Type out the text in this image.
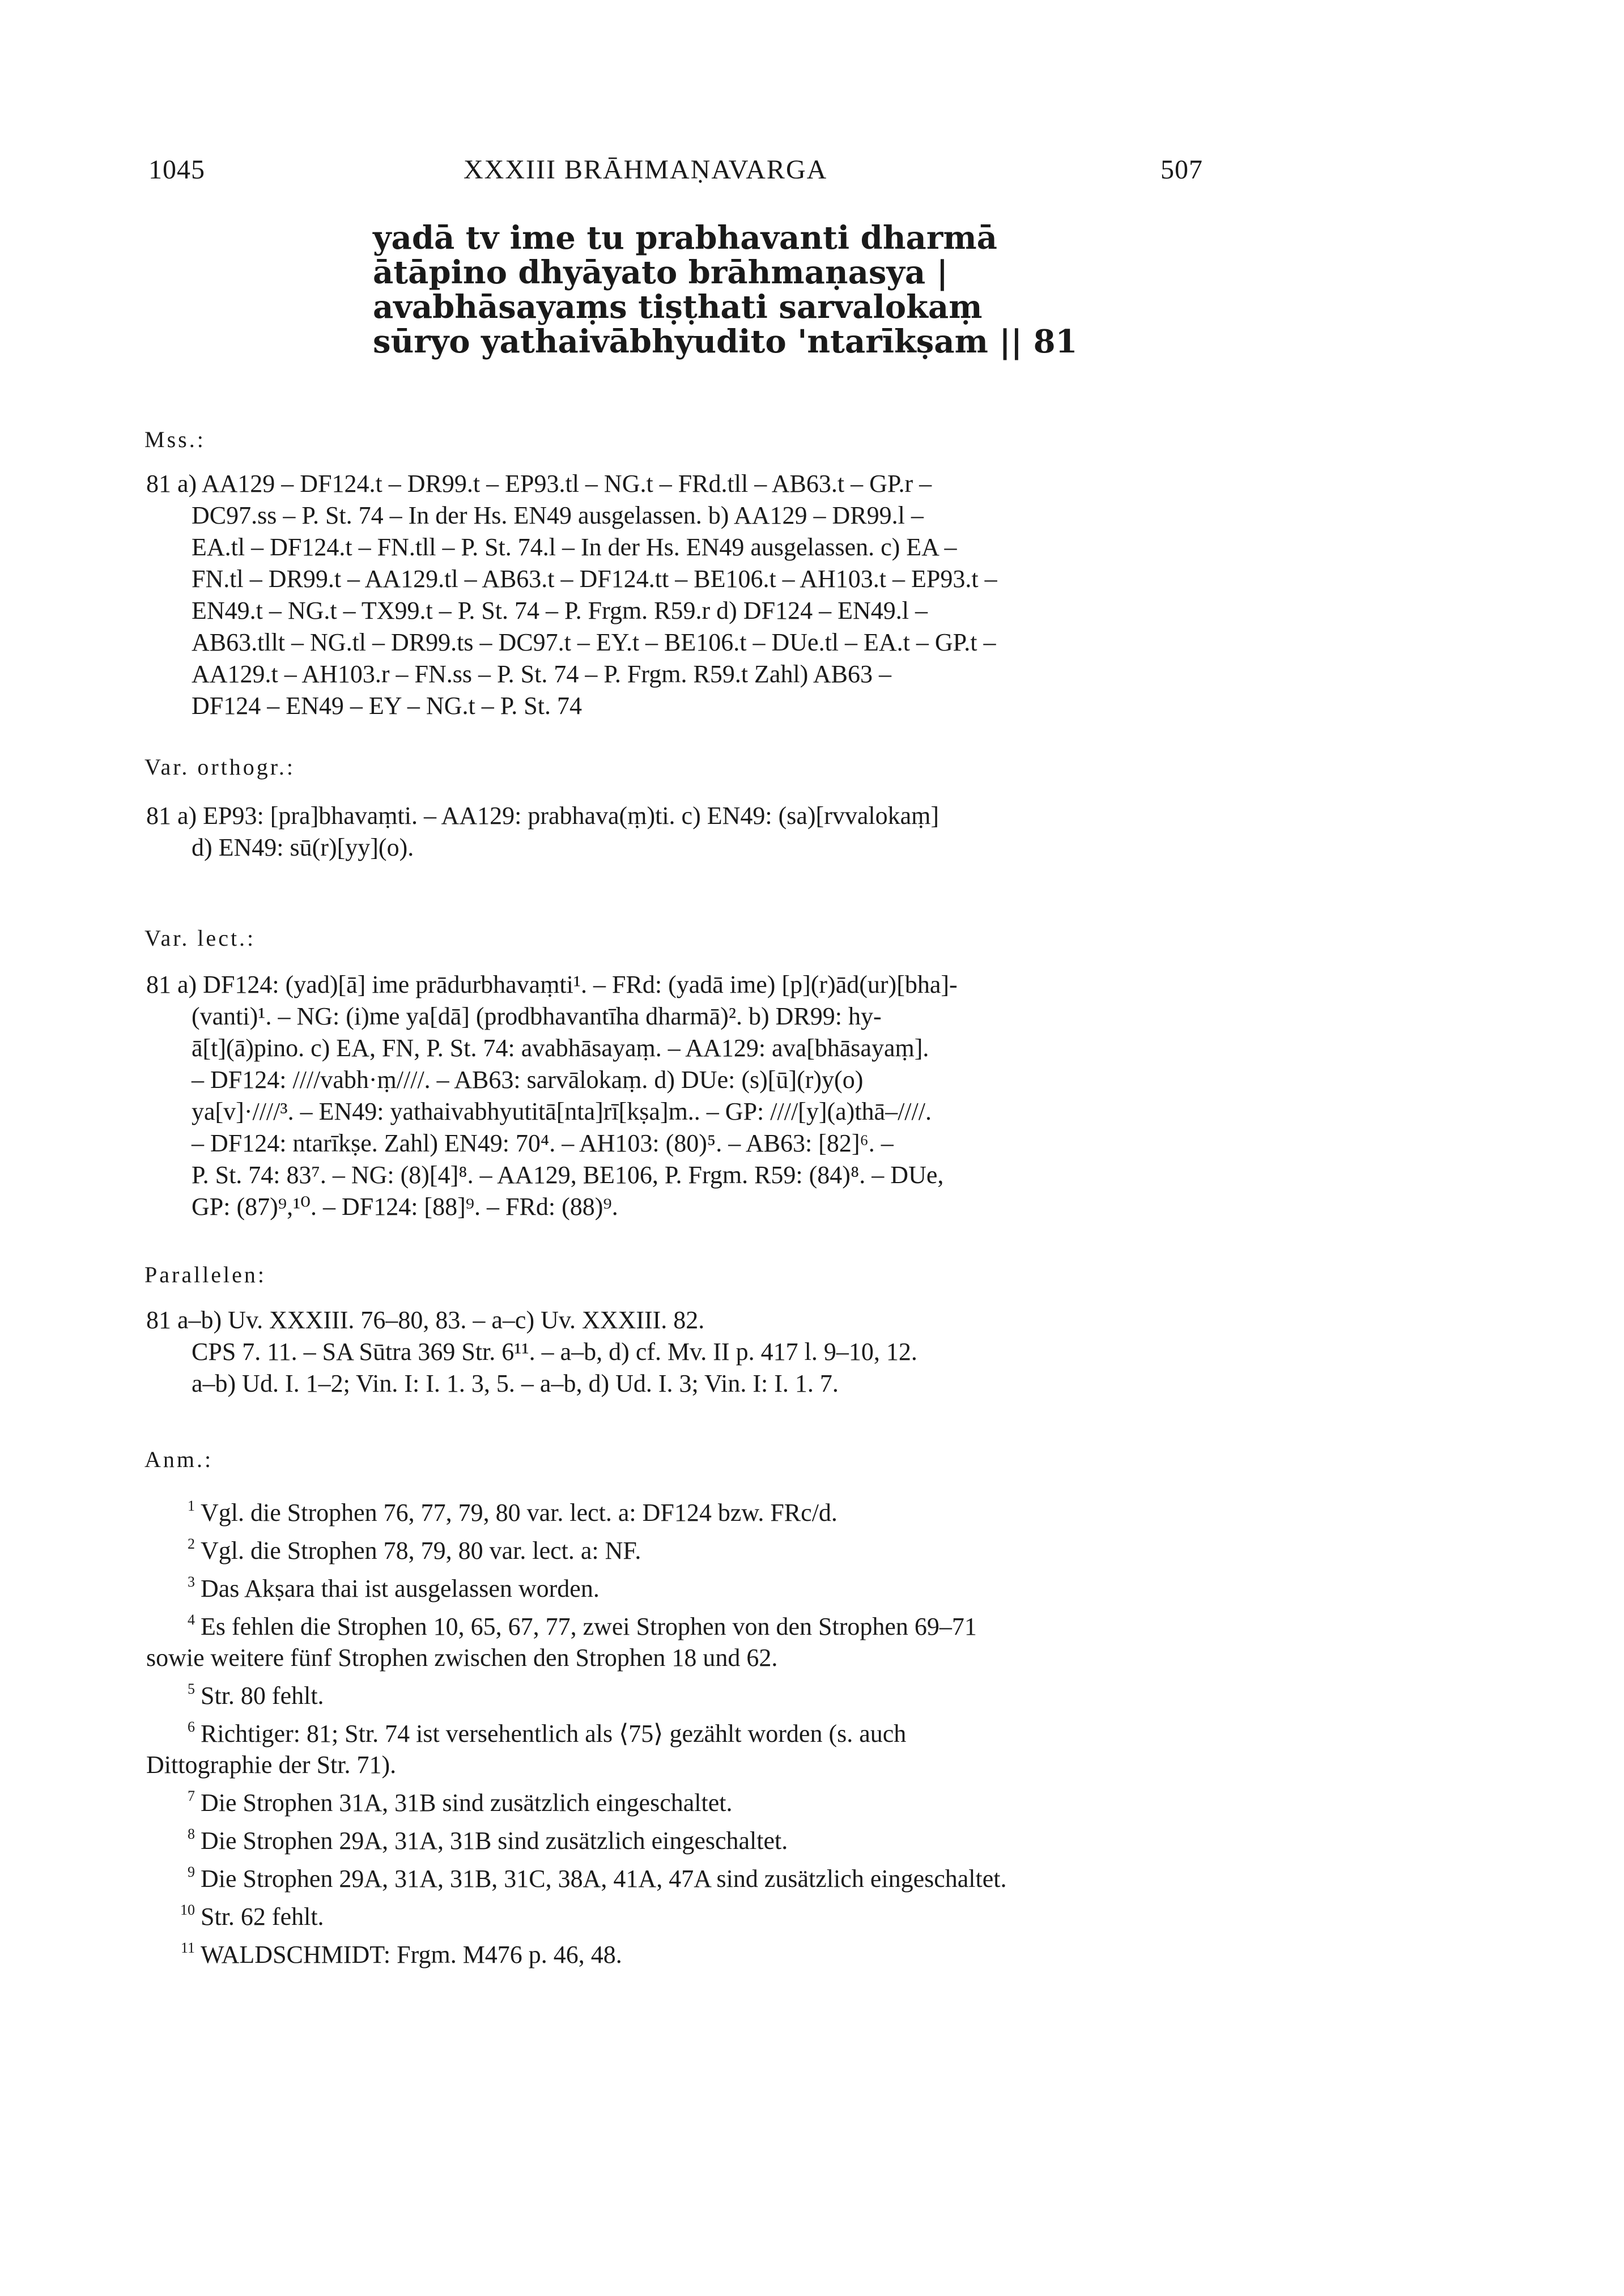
1045	XXXIII BRĀHMAṆAVARGA	507
yadā tv ime tu prabhavanti dharmā
ātāpino dhyāyato brāhmaṇasya |
avabhāsayaṃs tiṣṭhati sarvalokaṃ
sūryo yathaivābhyudito 'ntarīkṣam || 81
Mss.:
81 a) AA129 – DF124.t – DR99.t – EP93.tl – NG.t – FRd.tll – AB63.t – GP.r –
DC97.ss – P. St. 74 – In der Hs. EN49 ausgelassen. b) AA129 – DR99.l –
EA.tl – DF124.t – FN.tll – P. St. 74.l – In der Hs. EN49 ausgelassen. c) EA –
FN.tl – DR99.t – AA129.tl – AB63.t – DF124.tt – BE106.t – AH103.t – EP93.t –
EN49.t – NG.t – TX99.t – P. St. 74 – P. Frgm. R59.r d) DF124 – EN49.l –
AB63.tllt – NG.tl – DR99.ts – DC97.t – EY.t – BE106.t – DUe.tl – EA.t – GP.t –
AA129.t – AH103.r – FN.ss – P. St. 74 – P. Frgm. R59.t Zahl) AB63 –
DF124 – EN49 – EY – NG.t – P. St. 74
Var. orthogr.:
81 a) EP93: [pra]bhavaṃti. – AA129: prabhava(ṃ)ti. c) EN49: (sa)[rvvalokaṃ]
d) EN49: sū(r)[yy](o).
Var. lect.:
81 a) DF124: (yad)[ā] ime prādurbhavaṃti¹. – FRd: (yadā ime) [p](r)ād(ur)[bha]-
(vanti)¹. – NG: (i)me ya[dā] (prodbhavantīha dharmā)². b) DR99: hy-
ā[t](ā)pino. c) EA, FN, P. St. 74: avabhāsayaṃ. – AA129: ava[bhāsayaṃ].
– DF124: ////vabh·ṃ////. – AB63: sarvālokaṃ. d) DUe: (s)[ū](r)y(o)
ya[v]·////³. – EN49: yathaivabhyutitā[nta]rī[kṣa]m.. – GP: ////[y](a)thā–////.
– DF124: ntarīkṣe. Zahl) EN49: 70⁴. – AH103: (80)⁵. – AB63: [82]⁶. –
P. St. 74: 83⁷. – NG: (8)[4]⁸. – AA129, BE106, P. Frgm. R59: (84)⁸. – DUe,
GP: (87)⁹,¹⁰. – DF124: [88]⁹. – FRd: (88)⁹.
Parallelen:
81 a–b) Uv. XXXIII. 76–80, 83. – a–c) Uv. XXXIII. 82.
CPS 7. 11. – SA Sūtra 369 Str. 6¹¹. – a–b, d) cf. Mv. II p. 417 l. 9–10, 12.
a–b) Ud. I. 1–2; Vin. I: I. 1. 3, 5. – a–b, d) Ud. I. 3; Vin. I: I. 1. 7.
Anm.:
1 Vgl. die Strophen 76, 77, 79, 80 var. lect. a: DF124 bzw. FRc/d.
2 Vgl. die Strophen 78, 79, 80 var. lect. a: NF.
3 Das Akṣara thai ist ausgelassen worden.
4 Es fehlen die Strophen 10, 65, 67, 77, zwei Strophen von den Strophen 69–71
sowie weitere fünf Strophen zwischen den Strophen 18 und 62.
5 Str. 80 fehlt.
6 Richtiger: 81; Str. 74 ist versehentlich als ⟨75⟩ gezählt worden (s. auch
Dittographie der Str. 71).
7 Die Strophen 31A, 31B sind zusätzlich eingeschaltet.
8 Die Strophen 29A, 31A, 31B sind zusätzlich eingeschaltet.
9 Die Strophen 29A, 31A, 31B, 31C, 38A, 41A, 47A sind zusätzlich eingeschaltet.
10 Str. 62 fehlt.
11 WALDSCHMIDT: Frgm. M476 p. 46, 48.
